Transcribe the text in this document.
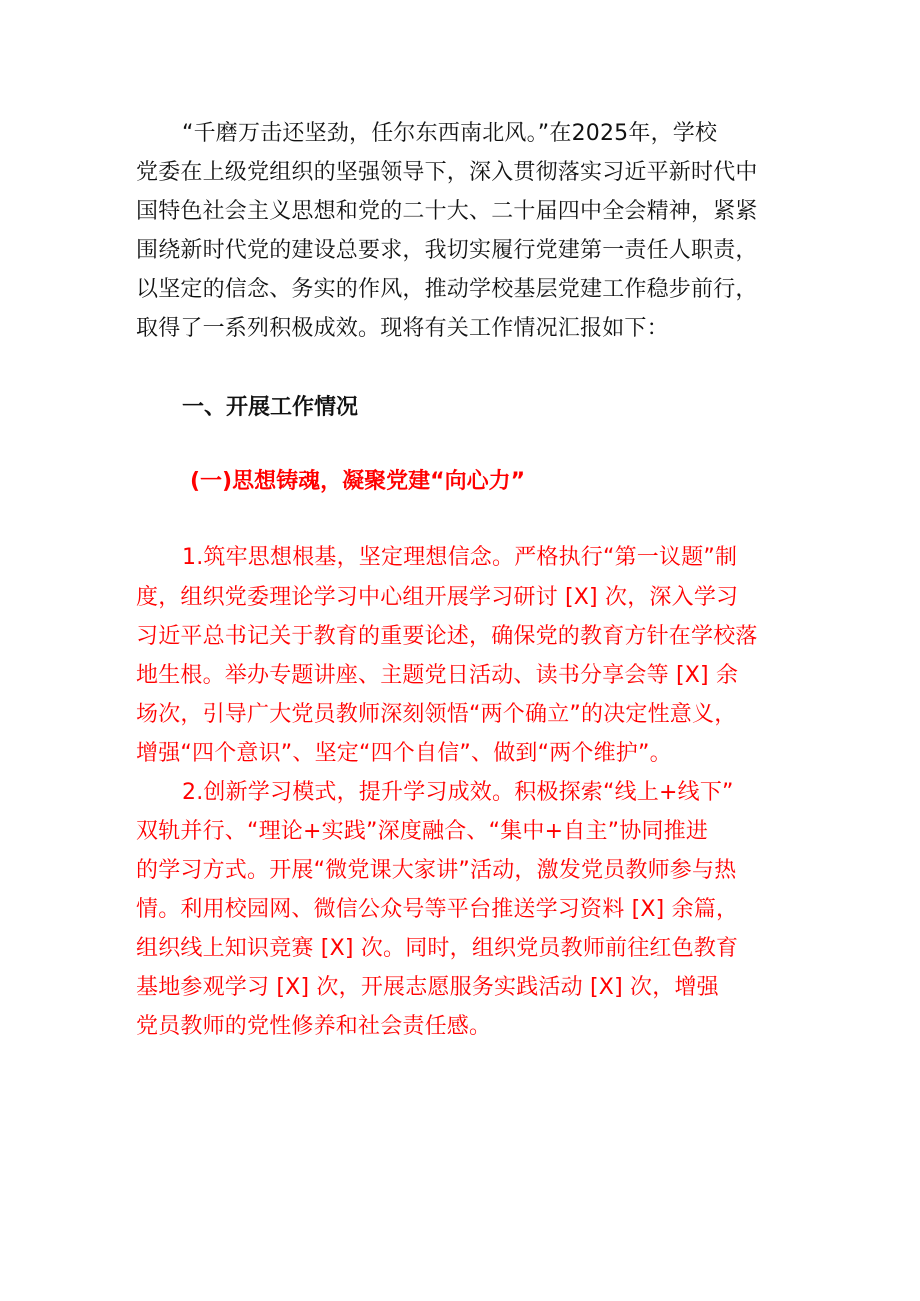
“千磨万击还坚劲，任尔东西南北风。”在2025年，学校
党委在上级党组织的坚强领导下，深入贯彻落实习近平新时代中
国特色社会主义思想和党的二十大、二十届四中全会精神，紧紧
围绕新时代党的建设总要求，我切实履行党建第一责任人职责，
以坚定的信念、务实的作风，推动学校基层党建工作稳步前行，
取得了一系列积极成效。现将有关工作情况汇报如下：
一、开展工作情况
(一)思想铸魂，凝聚党建“向心力”
1.筑牢思想根基，坚定理想信念。严格执行“第一议题”制
度，组织党委理论学习中心组开展学习研讨 [X] 次，深入学习
习近平总书记关于教育的重要论述，确保党的教育方针在学校落
地生根。举办专题讲座、主题党日活动、读书分享会等 [X] 余
场次，引导广大党员教师深刻领悟“两个确立”的决定性意义，
增强“四个意识”、坚定“四个自信”、做到“两个维护”。
2.创新学习模式，提升学习成效。积极探索“线上+线下”
双轨并行、“理论+实践”深度融合、“集中+自主”协同推进
的学习方式。开展“微党课大家讲”活动，激发党员教师参与热
情。利用校园网、微信公众号等平台推送学习资料 [X] 余篇，
组织线上知识竞赛 [X] 次。同时，组织党员教师前往红色教育
基地参观学习 [X] 次，开展志愿服务实践活动 [X] 次，增强
党员教师的党性修养和社会责任感。
